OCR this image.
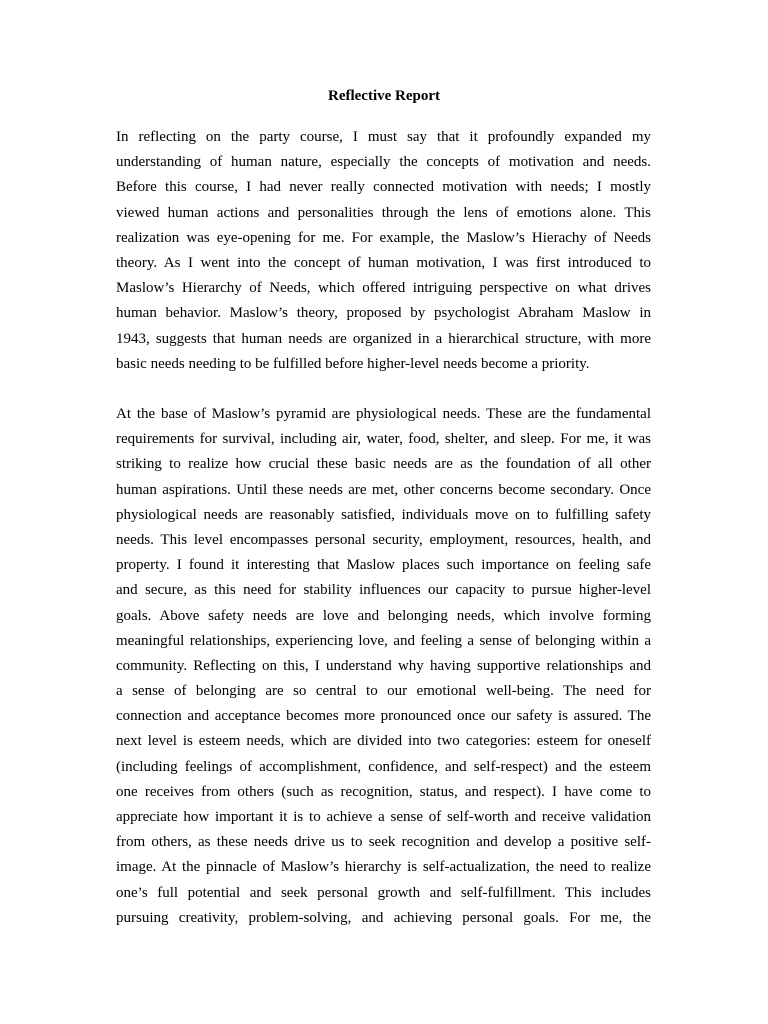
Reflective Report
In reflecting on the party course, I must say that it profoundly expanded my
understanding of human nature, especially the concepts of motivation and needs.
Before this course, I had never really connected motivation with needs; I mostly
viewed human actions and personalities through the lens of emotions alone. This
realization was eye-opening for me. For example, the Maslow’s Hierachy of Needs
theory. As I went into the concept of human motivation, I was first introduced to
Maslow’s Hierarchy of Needs, which offered intriguing perspective on what drives
human behavior. Maslow’s theory, proposed by psychologist Abraham Maslow in
1943, suggests that human needs are organized in a hierarchical structure, with more
basic needs needing to be fulfilled before higher-level needs become a priority.
At the base of Maslow’s pyramid are physiological needs. These are the fundamental
requirements for survival, including air, water, food, shelter, and sleep. For me, it was
striking to realize how crucial these basic needs are as the foundation of all other
human aspirations. Until these needs are met, other concerns become secondary. Once
physiological needs are reasonably satisfied, individuals move on to fulfilling safety
needs. This level encompasses personal security, employment, resources, health, and
property. I found it interesting that Maslow places such importance on feeling safe
and secure, as this need for stability influences our capacity to pursue higher-level
goals. Above safety needs are love and belonging needs, which involve forming
meaningful relationships, experiencing love, and feeling a sense of belonging within a
community. Reflecting on this, I understand why having supportive relationships and
a sense of belonging are so central to our emotional well-being. The need for
connection and acceptance becomes more pronounced once our safety is assured. The
next level is esteem needs, which are divided into two categories: esteem for oneself
(including feelings of accomplishment, confidence, and self-respect) and the esteem
one receives from others (such as recognition, status, and respect). I have come to
appreciate how important it is to achieve a sense of self-worth and receive validation
from others, as these needs drive us to seek recognition and develop a positive self-
image. At the pinnacle of Maslow’s hierarchy is self-actualization, the need to realize
one’s full potential and seek personal growth and self-fulfillment. This includes
pursuing creativity, problem-solving, and achieving personal goals. For me, the
